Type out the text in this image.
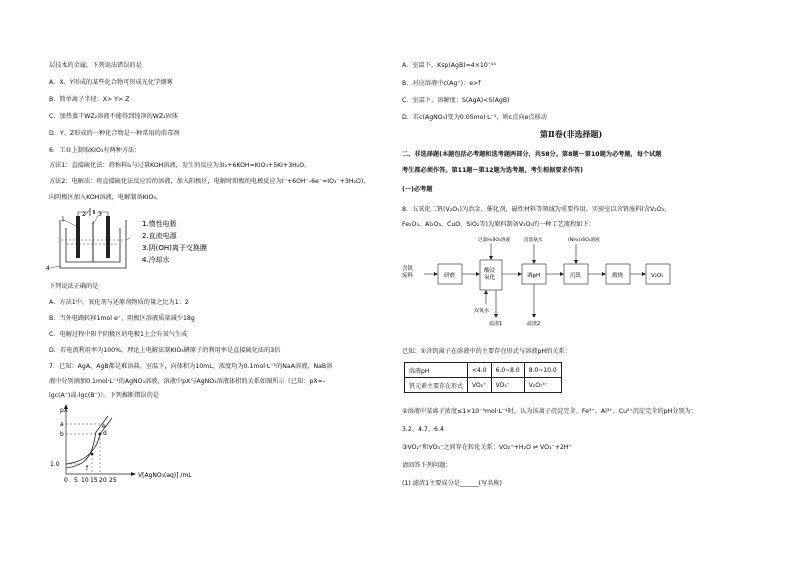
层技术的金属。下列说法错误的是
A．X、Y形成的某些化合物可形成光化学烟雾
B．简单离子半径：X> Y> Z
C．加热蒸干WZ₂溶液不能得到纯净的WZ₂固体
D．Y、Z形成的一种化合物是一种常用的消毒剂
6．工业上制取KIO₃有两种方法：
方法1：直接硫化法：将称料I₂与过量KOH溶液，发生的反应为3I₂+6KOH=KIO₃+5KI+3H₂O。
方法2：电解法：将直接硫化法反应后的溶液，加入阳极区，电解时阳极的电极反应为I⁻+6OH⁻-6e⁻=IO₃⁻+3H₂O)，
向阴极区加入KOH溶液，电解制备KIO₃。
1
2 3
4
1.惰性电极
2.直流电源
3.阴(OH)离子交换膜
4.冷却水
下列说法正确的是
A．方法1中，氧化剂与还原剂物质的量之比为1：2
B．当外电路转移1mol e⁻，阴极区溶液质量减少18g
C．电解过程中阳个阴极区的电极1上会有氧气生成
D．若电流利用率为100%，理论上电解法制KIO₃碘原子的利用率是直接硫化法的3倍
7．已知：AgA、AgB都是难溶盐。室温下，向体积为10mL、浓度均为0.1mol·L⁻¹的NaA溶液、NaB溶
液中分别滴加0.1mol·L⁻¹的AgNO₃溶液，溶液中pX与AgNO₃溶液体积的关系如图所示（已知：pX=-
lgc(A⁻)或-lgc(B⁻)）。下列推断错误的是
pX
V[AgNO₃(aq)] /mL
a
b
1.0
e
f
d
0 5 10 15 20 25
A．室温下，Ksp(AgB)=4×10⁻¹⁵
B．对应溶液中c(Ag⁺)：e>f
C．室温下，溶解度：S(AgA)<S(AgB)
D．若c(AgNO₃)变为0.05mol·L⁻¹，则c点向e点移动
第Ⅱ卷(非选择题)
二、非选择题(本题包括必考题和选考题两部分，共58分。第8题～第10题为必考题，每个试题
考生都必须作答。第11题～第12题为选考题，考生根据要求作答)
(一)必考题
8．五氧化二钒(V₂O₅)为冶金、催化剂、磁性材料等领域为重要作用。实验室以含钒废料(含V₂O₃、
Fe₂O₃、Al₂O₃、CuO、SiO₂等)为原料制备V₂O₅的一种工艺流程如下：
含钒废料	研磨
酸浸氧化	调pH	沉钒	煅烧	V₂O₅
过量H₂SO₄溶液	适量氨水	(NH₄)₂SO₄溶液
双氧水
滤渣1	滤渣2
已知：①含钒离子在溶液中的主要存在形式与溶液pH的关系：
溶液pH	<4.0	6.0~8.0	8.0~10.0
钒元素主要存在形式	VO₂⁺	VO₃⁻	V₂O₇⁴⁻
②溶液中某离子浓度≤1×10⁻⁵mol·L⁻¹时，认为该离子沉淀完全。Fe³⁺、Al³⁺、Cu²⁺沉淀完全的pH分别为：
3.2、4.7、6.4
③VO₂⁺和VO₃⁻之间存在转化关系：VO₂⁺+H₂O ⇌ VO₃⁻+2H⁺
请回答下列问题：
(1) 滤渣1主要成分是______(写名称)
